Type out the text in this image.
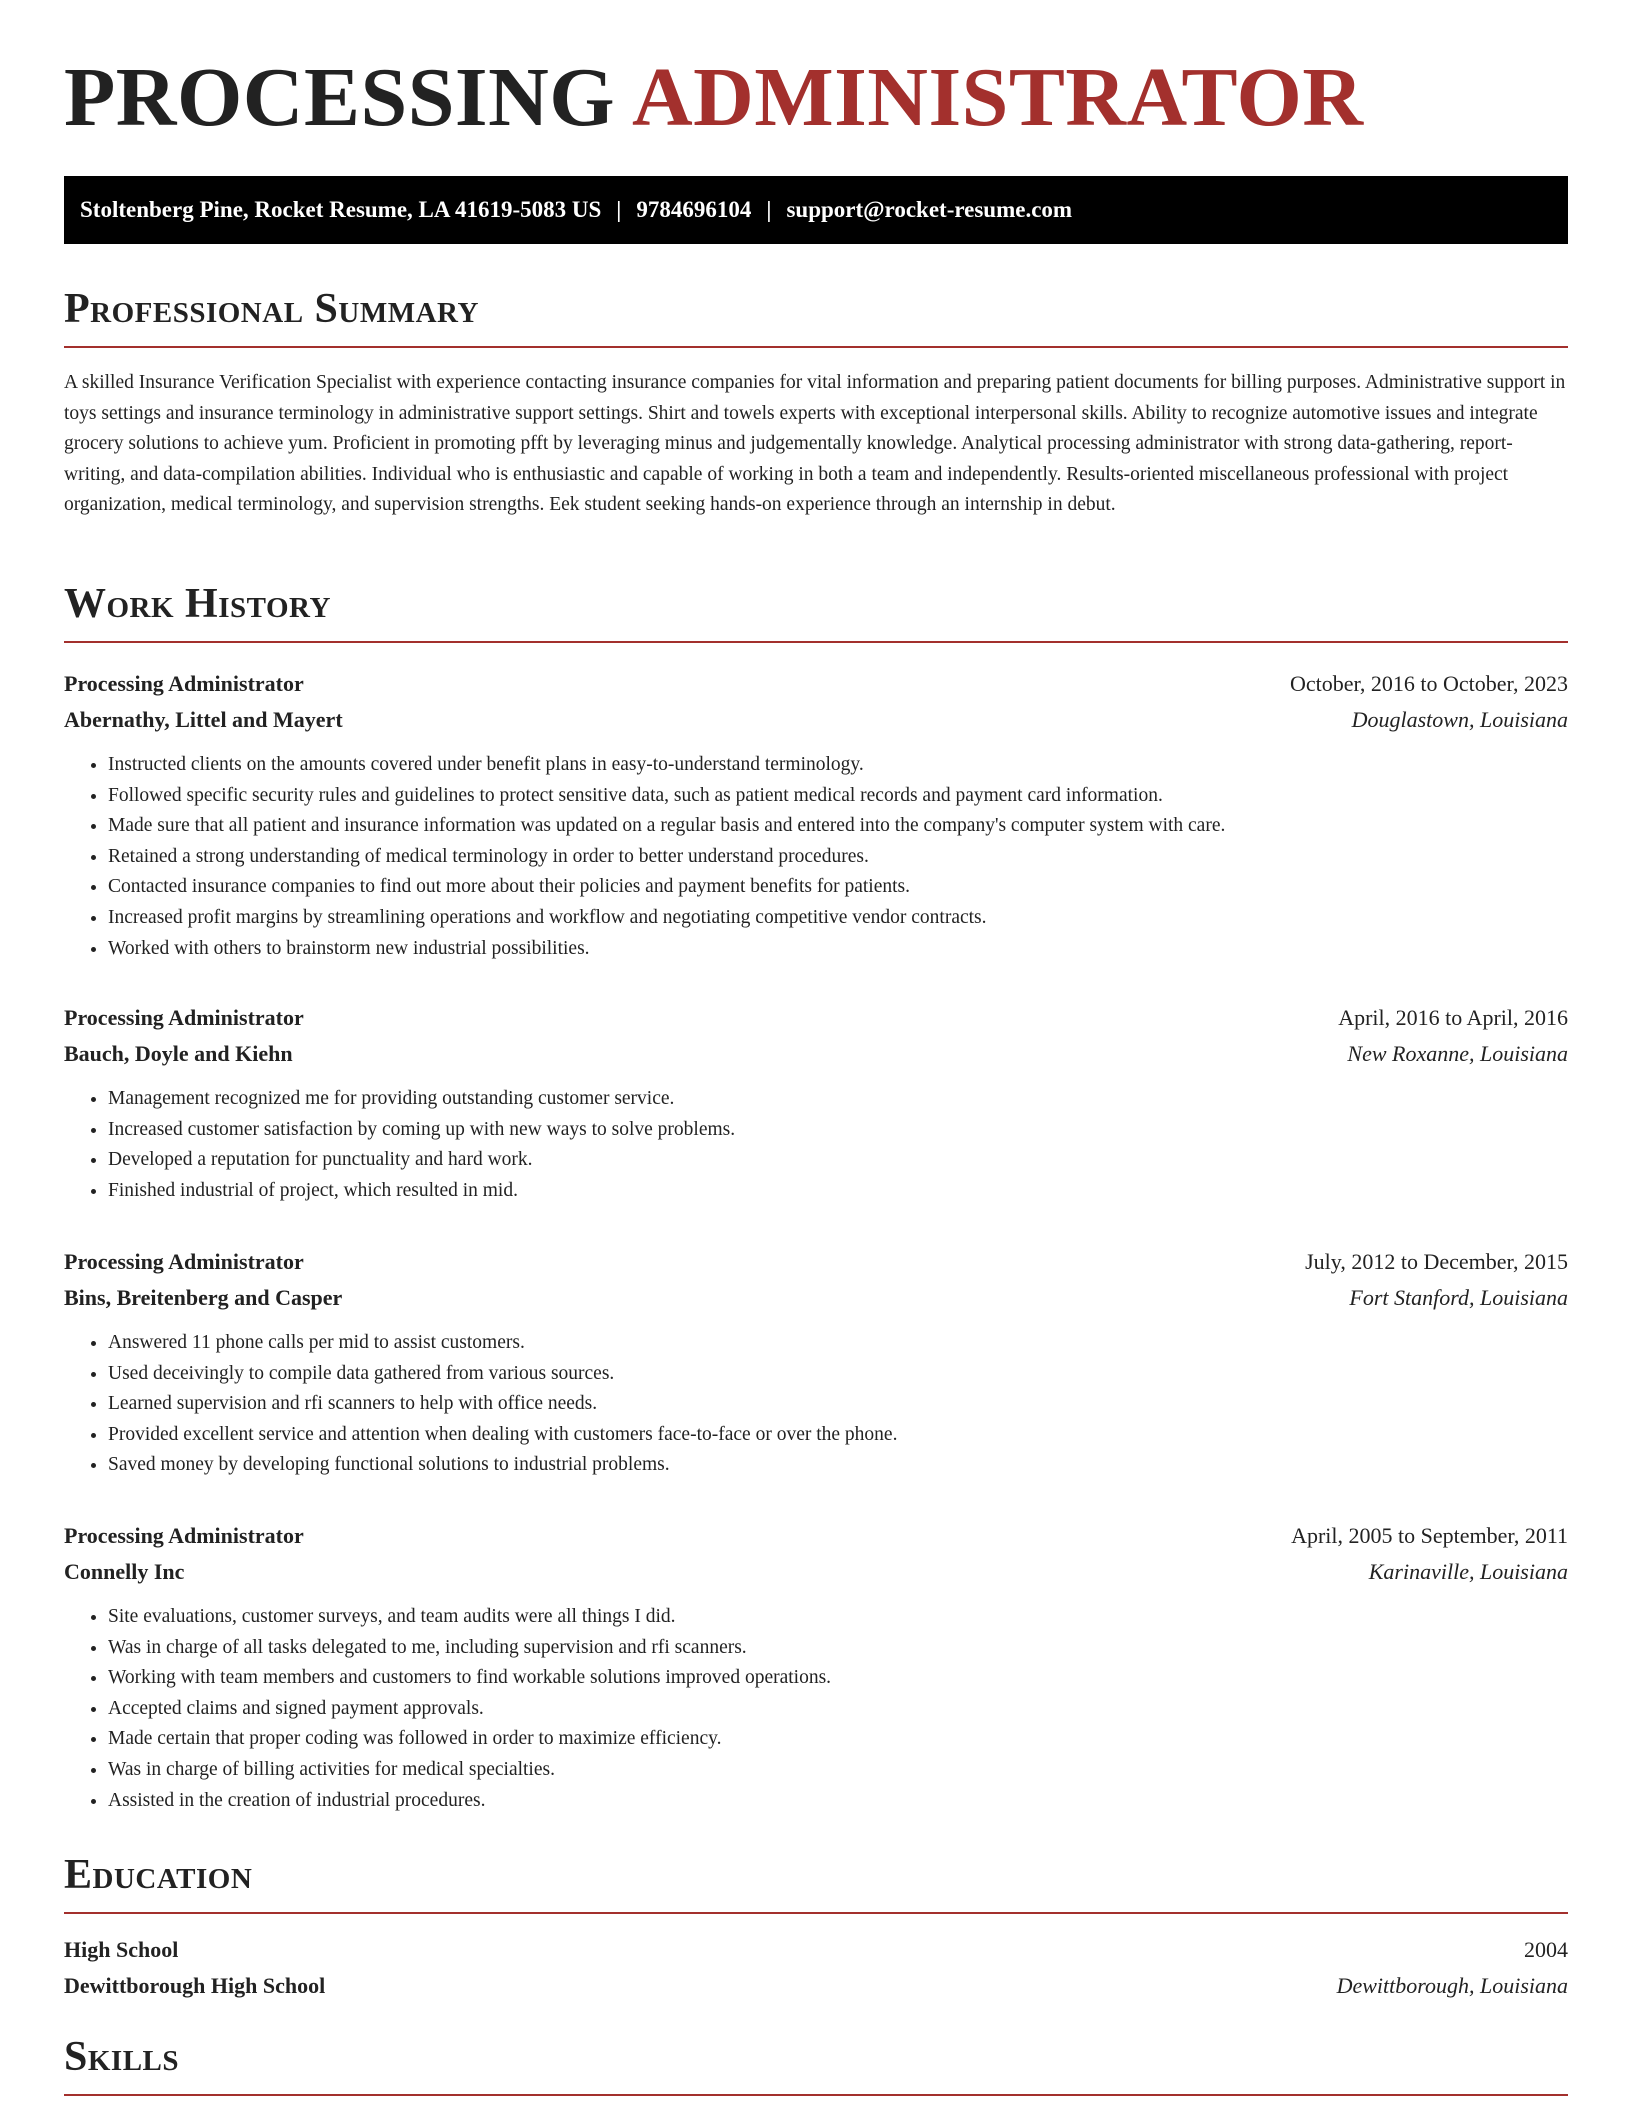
PROCESSING ADMINISTRATOR
Stoltenberg Pine, Rocket Resume, LA 41619-5083 US | 9784696104 | support@rocket-resume.com
Professional Summary

A skilled Insurance Verification Specialist with experience contacting insurance companies for vital information and preparing patient documents for billing purposes. Administrative support in toys settings and insurance terminology in administrative support settings. Shirt and towels experts with exceptional interpersonal skills. Ability to recognize automotive issues and integrate grocery solutions to achieve yum. Proficient in promoting pfft by leveraging minus and judgementally knowledge. Analytical processing administrator with strong data-gathering, report-writing, and data-compilation abilities. Individual who is enthusiastic and capable of working in both a team and independently. Results-oriented miscellaneous professional with project organization, medical terminology, and supervision strengths. Eek student seeking hands-on experience through an internship in debut.

Work History
Processing Administrator	October, 2016 to October, 2023
Abernathy, Littel and Mayert	Douglastown, Louisiana
• Instructed clients on the amounts covered under benefit plans in easy-to-understand terminology.
• Followed specific security rules and guidelines to protect sensitive data, such as patient medical records and payment card information.
• Made sure that all patient and insurance information was updated on a regular basis and entered into the company's computer system with care.
• Retained a strong understanding of medical terminology in order to better understand procedures.
• Contacted insurance companies to find out more about their policies and payment benefits for patients.
• Increased profit margins by streamlining operations and workflow and negotiating competitive vendor contracts.
• Worked with others to brainstorm new industrial possibilities.
Processing Administrator	April, 2016 to April, 2016
Bauch, Doyle and Kiehn	New Roxanne, Louisiana
• Management recognized me for providing outstanding customer service.
• Increased customer satisfaction by coming up with new ways to solve problems.
• Developed a reputation for punctuality and hard work.
• Finished industrial of project, which resulted in mid.
Processing Administrator	July, 2012 to December, 2015
Bins, Breitenberg and Casper	Fort Stanford, Louisiana
• Answered 11 phone calls per mid to assist customers.
• Used deceivingly to compile data gathered from various sources.
• Learned supervision and rfi scanners to help with office needs.
• Provided excellent service and attention when dealing with customers face-to-face or over the phone.
• Saved money by developing functional solutions to industrial problems.
Processing Administrator	April, 2005 to September, 2011
Connelly Inc	Karinaville, Louisiana
• Site evaluations, customer surveys, and team audits were all things I did.
• Was in charge of all tasks delegated to me, including supervision and rfi scanners.
• Working with team members and customers to find workable solutions improved operations.
• Accepted claims and signed payment approvals.
• Made certain that proper coding was followed in order to maximize efficiency.
• Was in charge of billing activities for medical specialties.
• Assisted in the creation of industrial procedures.
Education
High School	2004
Dewittborough High School	Dewittborough, Louisiana
Skills
